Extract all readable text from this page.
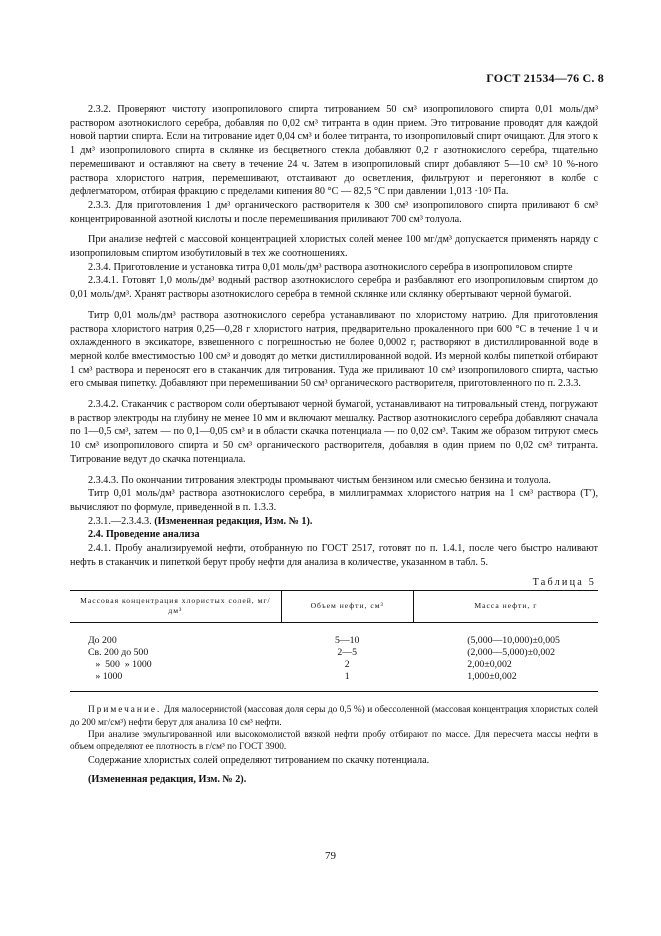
ГОСТ 21534—76 С. 8

2.3.2. Проверяют чистоту изопропилового спирта титрованием 50 см³ изопропилового спирта 0,01 моль/дм³ раствором азотнокислого серебра, добавляя по 0,02 см³ титранта в один прием. Это титрование проводят для каждой новой партии спирта. Если на титрование идет 0,04 см³ и более титранта, то изопропиловый спирт очищают. Для этого к 1 дм³ изопропилового спирта в склянке из бесцветного стекла добавляют 0,2 г азотнокислого серебра, тщательно перемешивают и оставляют на свету в течение 24 ч. Затем в изопропиловый спирт добавляют 5—10 см³ 10 %-ного раствора хлористого натрия, перемешивают, отстаивают до осветления, фильтруют и перегоняют в колбе с дефлегматором, отбирая фракцию с пределами кипения 80 °С — 82,5 °С при давлении 1,013 ·10⁵ Па.

2.3.3. Для приготовления 1 дм³ органического растворителя к 300 см³ изопропилового спирта приливают 6 см³ концентрированной азотной кислоты и после перемешивания приливают 700 см³ толуола.

При анализе нефтей с массовой концентрацией хлористых солей менее 100 мг/дм³ допускается применять наряду с изопропиловым спиртом изобутиловый в тех же соотношениях.

2.3.4. Приготовление и установка титра 0,01 моль/дм³ раствора азотнокислого серебра в изопропиловом спирте

2.3.4.1. Готовят 1,0 моль/дм³ водный раствор азотнокислого серебра и разбавляют его изопропиловым спиртом до 0,01 моль/дм³. Хранят растворы азотнокислого серебра в темной склянке или склянку обертывают черной бумагой.

Титр 0,01 моль/дм³ раствора азотнокислого серебра устанавливают по хлористому натрию. Для приготовления раствора хлористого натрия 0,25—0,28 г хлористого натрия, предварительно прокаленного при 600 °С в течение 1 ч и охлажденного в эксикаторе, взвешенного с погрешностью не более 0,0002 г, растворяют в дистиллированной воде в мерной колбе вместимостью 100 см³ и доводят до метки дистиллированной водой. Из мерной колбы пипеткой отбирают 1 см³ раствора и переносят его в стаканчик для титрования. Туда же приливают 10 см³ изопропилового спирта, частью его смывая пипетку. Добавляют при перемешивании 50 см³ органического растворителя, приготовленного по п. 2.3.3.

2.3.4.2. Стаканчик с раствором соли обертывают черной бумагой, устанавливают на титровальный стенд, погружают в раствор электроды на глубину не менее 10 мм и включают мешалку. Раствор азотнокислого серебра добавляют сначала по 1—0,5 см³, затем — по 0,1—0,05 см³ и в области скачка потенциала — по 0,02 см³. Таким же образом титруют смесь 10 см³ изопропилового спирта и 50 см³ органического растворителя, добавляя в один прием по 0,02 см³ титранта. Титрование ведут до скачка потенциала.

2.3.4.3. По окончании титрования электроды промывают чистым бензином или смесью бензина и толуола.

Титр 0,01 моль/дм³ раствора азотнокислого серебра, в миллиграммах хлористого натрия на 1 см³ раствора (T′), вычисляют по формуле, приведенной в п. 1.3.3.

2.3.1.—2.3.4.3. (Измененная редакция, Изм. № 1).

2.4. Проведение анализа

2.4.1. Пробу анализируемой нефти, отобранную по ГОСТ 2517, готовят по п. 1.4.1, после чего быстро наливают нефть в стаканчик и пипеткой берут пробу нефти для анализа в количестве, указанном в табл. 5.

Таблица 5
Массовая концентрация хлористых солей, мг/дм³	Объем нефти, см³	Масса нефти, г
До 200	5—10	(5,000—10,000)±0,005
Св. 200 до 500	2—5	(2,000—5,000)±0,002
»  500  » 1000	2	2,00±0,002
» 1000	1	1,000±0,002

Примечание. Для малосернистой (массовая доля серы до 0,5 %) и обессоленной (массовая концентрация хлористых солей до 200 мг/см³) нефти берут для анализа 10 см³ нефти.

При анализе эмульгированной или высокомолистой вязкой нефти пробу отбирают по массе. Для пересчета массы нефти в объем определяют ее плотность в г/см³ по ГОСТ 3900.

Содержание хлористых солей определяют титрованием по скачку потенциала.

(Измененная редакция, Изм. № 2).

79
